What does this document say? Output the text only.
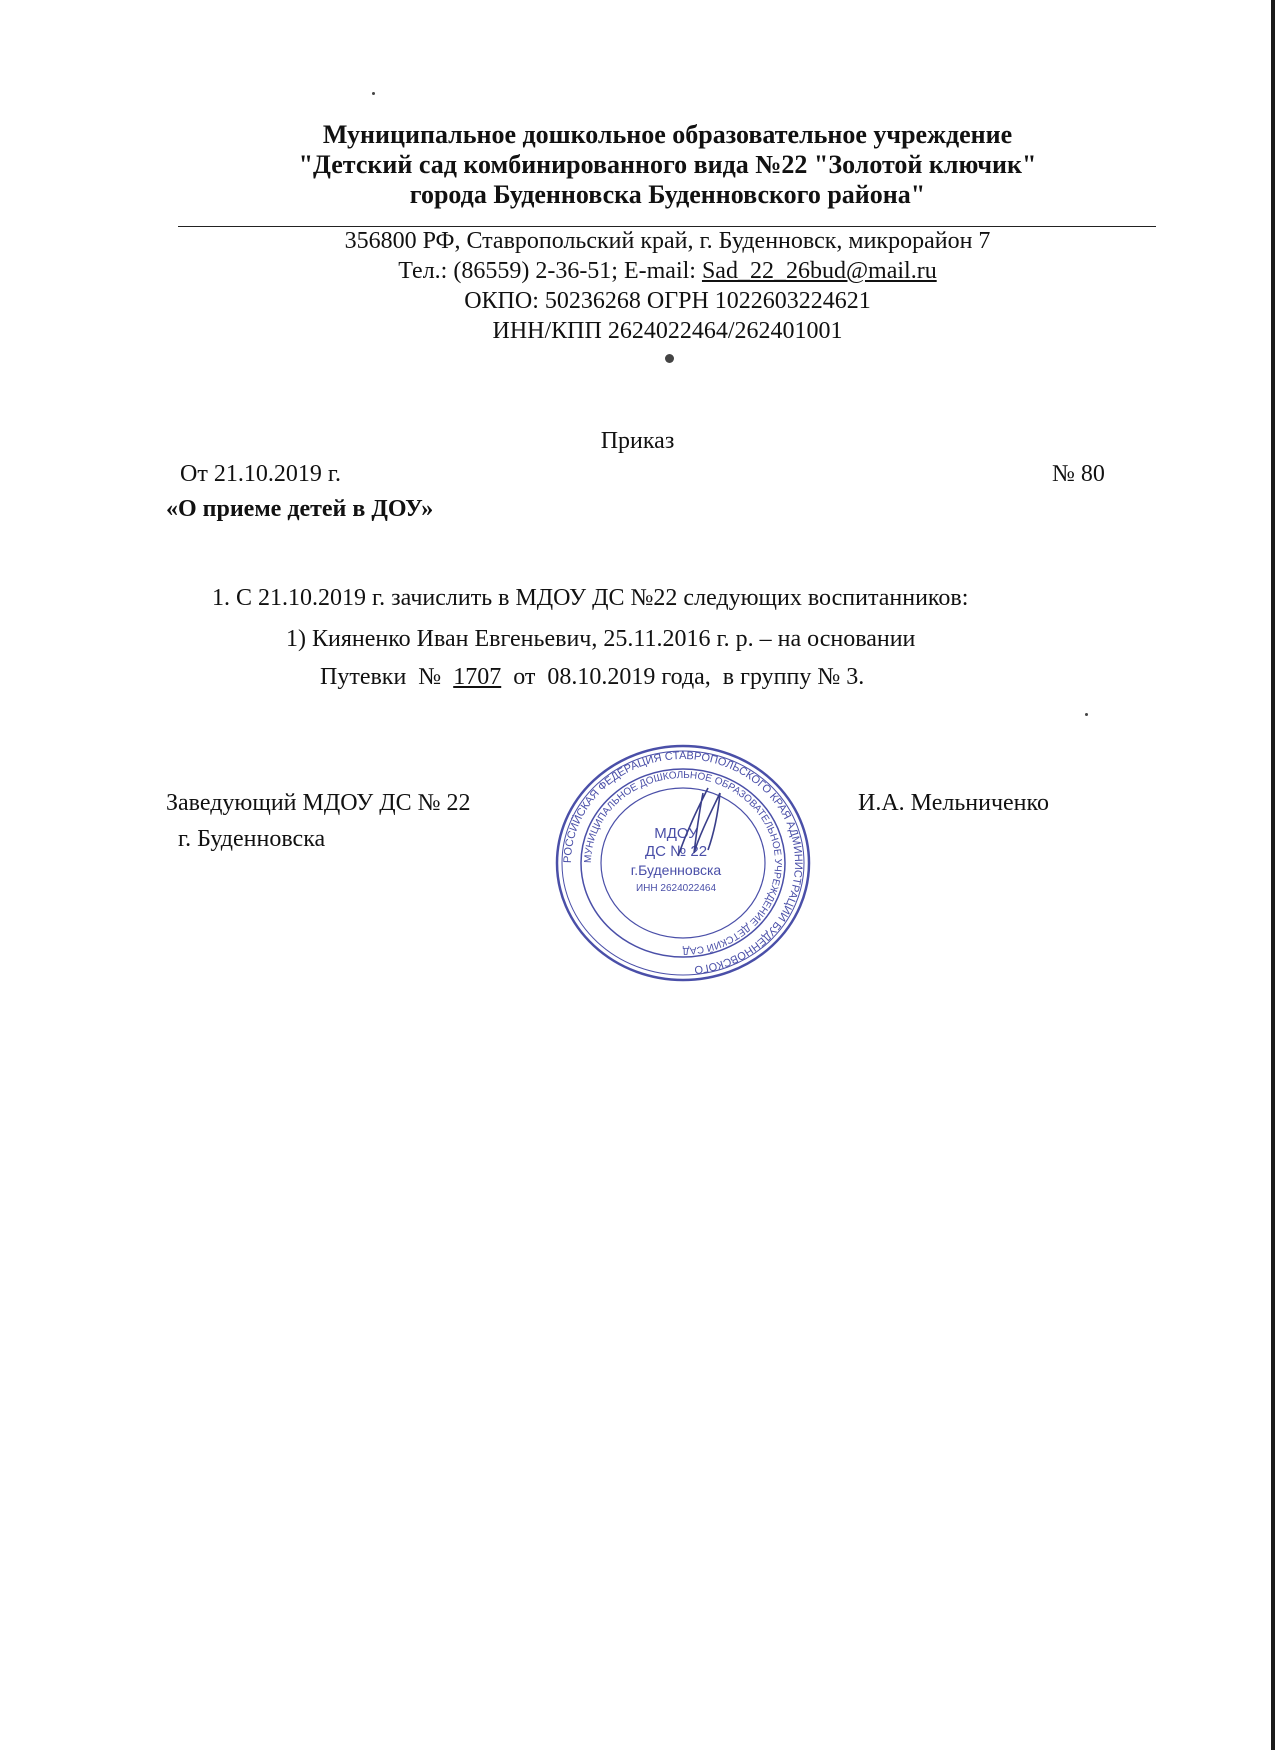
Муниципальное дошкольное образовательное учреждение

"Детский сад комбинированного вида №22 "Золотой ключик"

города Буденновска Буденновского района"

356800 РФ, Ставропольский край, г. Буденновск, микрорайон 7

Тел.: (86559) 2-36-51; E-mail: Sad_22_26bud@mail.ru

ОКПО: 50236268 ОГРН 1022603224621

ИНН/КПП 2624022464/262401001

Приказ
От 21.10.2019 г.	№ 80
«О приеме детей в ДОУ»
1. С 21.10.2019 г. зачислить в МДОУ ДС №22 следующих воспитанников:
1) Кияненко Иван Евгеньевич, 25.11.2016 г. р. – на основании
Путевки  №  1707  от  08.10.2019 года,  в группу № 3.
Заведующий МДОУ ДС № 22
г. Буденновска
И.А. Мельниченко
РОССИЙСКАЯ ФЕДЕРАЦИЯ СТАВРОПОЛЬСКОГО КРАЯ АДМИНИСТРАЦИИ БУДЕННОВСКОГО
МУНИЦИПАЛЬНОЕ ДОШКОЛЬНОЕ ОБРАЗОВАТЕЛЬНОЕ УЧРЕЖДЕНИЕ ДЕТСКИЙ САД
МДОУ
ДС № 22
г.Буденновска
ИНН 2624022464
